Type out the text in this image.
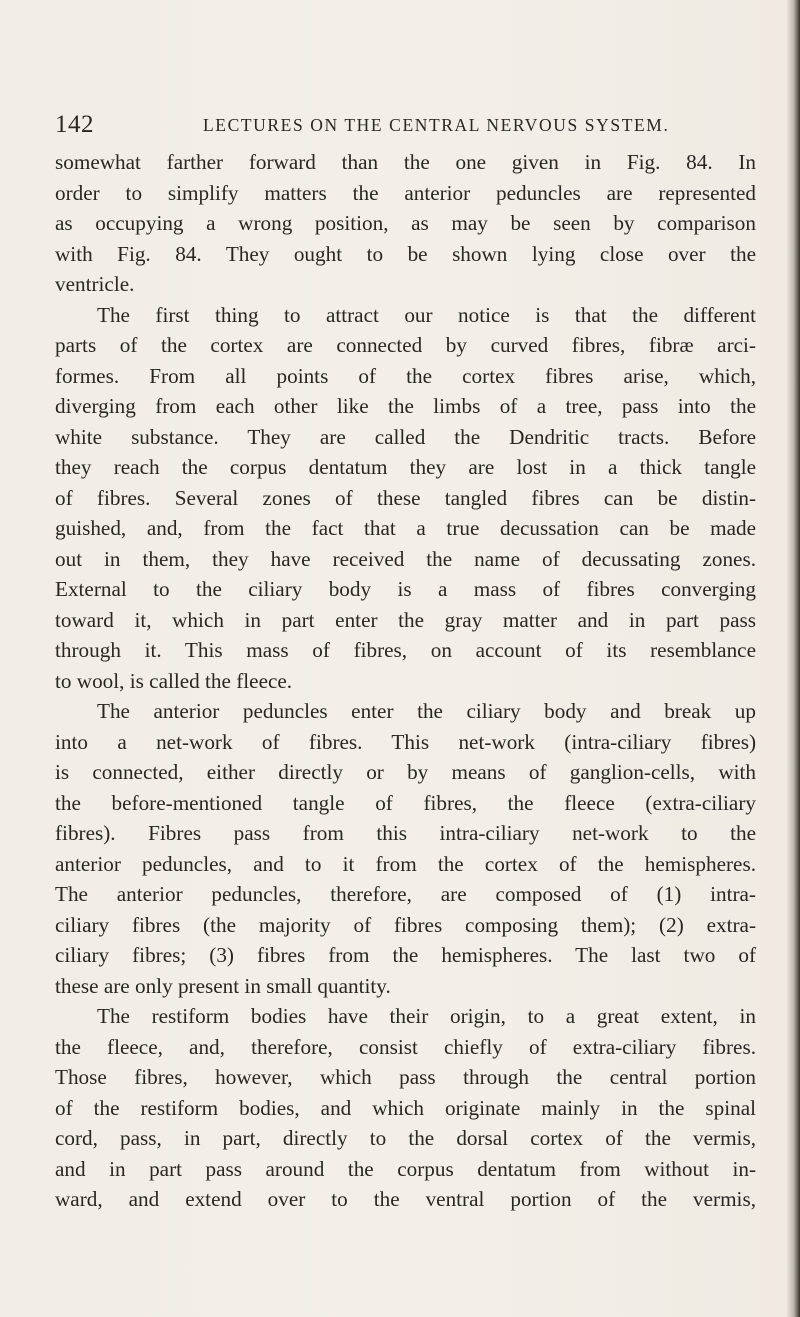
142	LECTURES ON THE CENTRAL NERVOUS SYSTEM.
somewhat farther forward than the one given in Fig. 84. In
order to simplify matters the anterior peduncles are represented
as occupying a wrong position, as may be seen by comparison
with Fig. 84. They ought to be shown lying close over the
ventricle.
The first thing to attract our notice is that the different
parts of the cortex are connected by curved fibres, fibræ arci-
formes. From all points of the cortex fibres arise, which,
diverging from each other like the limbs of a tree, pass into the
white substance. They are called the Dendritic tracts. Before
they reach the corpus dentatum they are lost in a thick tangle
of fibres. Several zones of these tangled fibres can be distin-
guished, and, from the fact that a true decussation can be made
out in them, they have received the name of decussating zones.
External to the ciliary body is a mass of fibres converging
toward it, which in part enter the gray matter and in part pass
through it. This mass of fibres, on account of its resemblance
to wool, is called the fleece.
The anterior peduncles enter the ciliary body and break up
into a net-work of fibres. This net-work (intra-ciliary fibres)
is connected, either directly or by means of ganglion-cells, with
the before-mentioned tangle of fibres, the fleece (extra-ciliary
fibres). Fibres pass from this intra-ciliary net-work to the
anterior peduncles, and to it from the cortex of the hemispheres.
The anterior peduncles, therefore, are composed of (1) intra-
ciliary fibres (the majority of fibres composing them); (2) extra-
ciliary fibres; (3) fibres from the hemispheres. The last two of
these are only present in small quantity.
The restiform bodies have their origin, to a great extent, in
the fleece, and, therefore, consist chiefly of extra-ciliary fibres.
Those fibres, however, which pass through the central portion
of the restiform bodies, and which originate mainly in the spinal
cord, pass, in part, directly to the dorsal cortex of the vermis,
and in part pass around the corpus dentatum from without in-
ward, and extend over to the ventral portion of the vermis,
